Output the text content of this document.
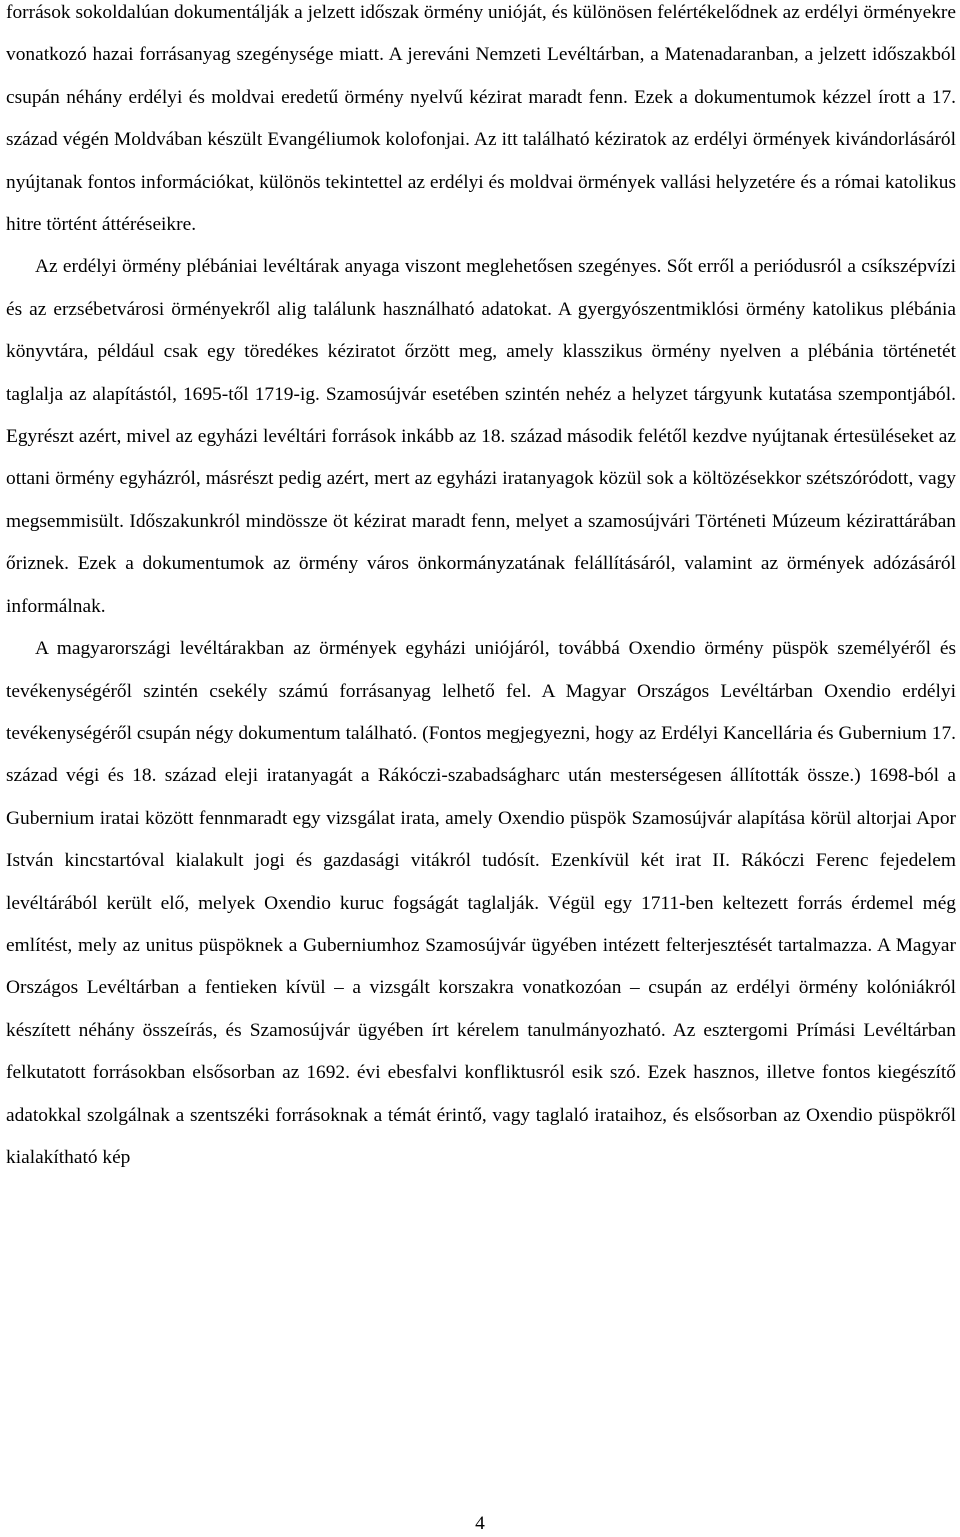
források sokoldalúan dokumentálják a jelzett időszak örmény unióját, és különösen felértékelődnek az erdélyi örményekre vonatkozó hazai forrásanyag szegénysége miatt. A jereváni Nemzeti Levéltárban, a Matenadaranban, a jelzett időszakból csupán néhány erdélyi és moldvai eredetű örmény nyelvű kézirat maradt fenn. Ezek a dokumentumok kézzel írott a 17. század végén Moldvában készült Evangéliumok kolofonjai. Az itt található kéziratok az erdélyi örmények kivándorlásáról nyújtanak fontos információkat, különös tekintettel az erdélyi és moldvai örmények vallási helyzetére és a római katolikus hitre történt áttéréseikre.

Az erdélyi örmény plébániai levéltárak anyaga viszont meglehetősen szegényes. Sőt erről a periódusról a csíkszépvízi és az erzsébetvárosi örményekről alig találunk használható adatokat. A gyergyószentmiklósi örmény katolikus plébánia könyvtára, például csak egy töredékes kéziratot őrzött meg, amely klasszikus örmény nyelven a plébánia történetét taglalja az alapítástól, 1695-től 1719-ig. Szamosújvár esetében szintén nehéz a helyzet tárgyunk kutatása szempontjából. Egyrészt azért, mivel az egyházi levéltári források inkább az 18. század második felétől kezdve nyújtanak értesüléseket az ottani örmény egyházról, másrészt pedig azért, mert az egyházi iratanyagok közül sok a költözésekkor szétszóródott, vagy megsemmisült. Időszakunkról mindössze öt kézirat maradt fenn, melyet a szamosújvári Történeti Múzeum kézirattárában őriznek. Ezek a dokumentumok az örmény város önkormányzatának felállításáról, valamint az örmények adózásáról informálnak.

A magyarországi levéltárakban az örmények egyházi uniójáról, továbbá Oxendio örmény püspök személyéről és tevékenységéről szintén csekély számú forrásanyag lelhető fel. A Magyar Országos Levéltárban Oxendio erdélyi tevékenységéről csupán négy dokumentum található. (Fontos megjegyezni, hogy az Erdélyi Kancellária és Gubernium 17. század végi és 18. század eleji iratanyagát a Rákóczi-szabadságharc után mesterségesen állították össze.) 1698-ból a Gubernium iratai között fennmaradt egy vizsgálat irata, amely Oxendio püspök Szamosújvár alapítása körül altorjai Apor István kincstartóval kialakult jogi és gazdasági vitákról tudósít. Ezenkívül két irat II. Rákóczi Ferenc fejedelem levéltárából került elő, melyek Oxendio kuruc fogságát taglalják. Végül egy 1711-ben keltezett forrás érdemel még említést, mely az unitus püspöknek a Guberniumhoz Szamosújvár ügyében intézett felterjesztését tartalmazza. A Magyar Országos Levéltárban a fentieken kívül – a vizsgált korszakra vonatkozóan – csupán az erdélyi örmény kolóniákról készített néhány összeírás, és Szamosújvár ügyében írt kérelem tanulmányozható. Az esztergomi Prímási Levéltárban felkutatott forrásokban elsősorban az 1692. évi ebesfalvi konfliktusról esik szó. Ezek hasznos, illetve fontos kiegészítő adatokkal szolgálnak a szentszéki forrásoknak a témát érintő, vagy taglaló irataihoz, és elsősorban az Oxendio püspökről kialakítható kép

4
